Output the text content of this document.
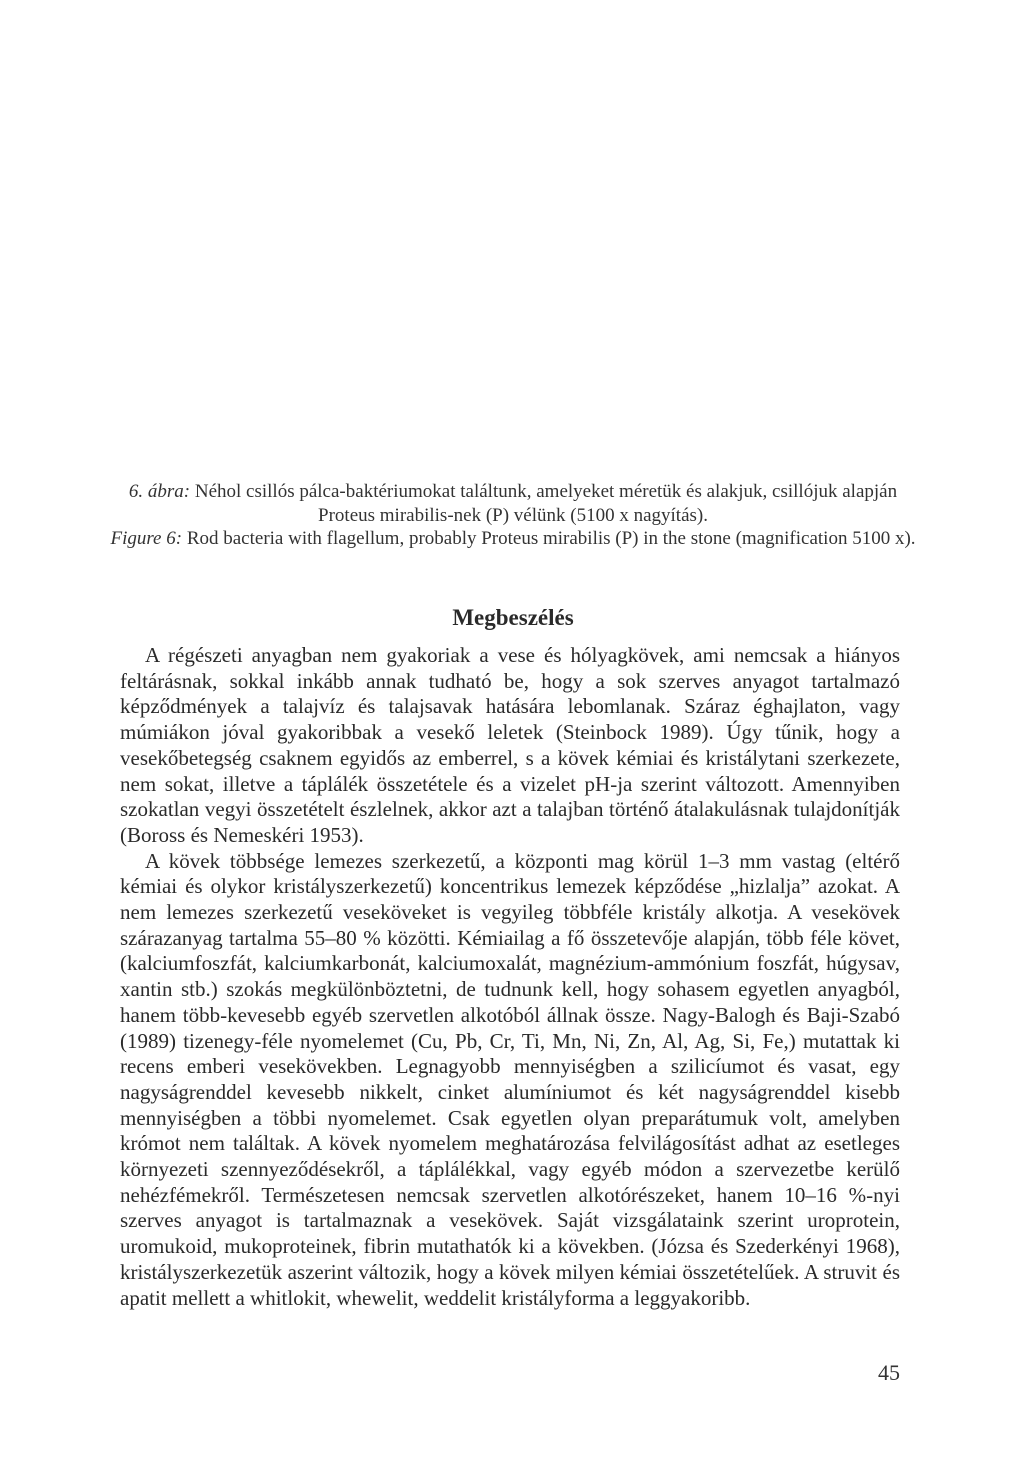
6. ábra: Néhol csillós pálca-baktériumokat találtunk, amelyeket méretük és alakjuk, csillójuk alapján Proteus mirabilis-nek (P) vélünk (5100 x nagyítás).

Figure 6: Rod bacteria with flagellum, probably Proteus mirabilis (P) in the stone (magnification 5100 x).

Megbeszélés

A régészeti anyagban nem gyakoriak a vese és hólyagkövek, ami nemcsak a hiányos feltárásnak, sokkal inkább annak tudható be, hogy a sok szerves anyagot tartalmazó képződmények a talajvíz és talajsavak hatására lebomlanak. Száraz éghajlaton, vagy múmiákon jóval gyakoribbak a vesekő leletek (Steinbock 1989). Úgy tűnik, hogy a vesekőbetegség csaknem egyidős az emberrel, s a kövek kémiai és kristálytani szerkezete, nem sokat, illetve a táplálék összetétele és a vizelet pH-ja szerint változott. Amennyiben szokatlan vegyi összetételt észlelnek, akkor azt a talajban történő átalakulásnak tulajdonítják (Boross és Nemeskéri 1953).

A kövek többsége lemezes szerkezetű, a központi mag körül 1–3 mm vastag (eltérő kémiai és olykor kristályszerkezetű) koncentrikus lemezek képződése „hizlalja” azokat. A nem lemezes szerkezetű veseköveket is vegyileg többféle kristály alkotja. A vesekövek szárazanyag tartalma 55–80 % közötti. Kémiailag a fő összetevője alapján, több féle követ, (kalciumfoszfát, kalciumkarbonát, kalciumoxalát, magnézium-ammónium foszfát, húgysav, xantin stb.) szokás megkülönböztetni, de tudnunk kell, hogy sohasem egyetlen anyagból, hanem több-kevesebb egyéb szervetlen alkotóból állnak össze. Nagy-Balogh és Baji-Szabó (1989) tizenegy-féle nyomelemet (Cu, Pb, Cr, Ti, Mn, Ni, Zn, Al, Ag, Si, Fe,) mutattak ki recens emberi vesekövekben. Legnagyobb mennyiségben a szilicíumot és vasat, egy nagyságrenddel kevesebb nikkelt, cinket alumíniumot és két nagyságrenddel kisebb mennyiségben a többi nyomelemet. Csak egyetlen olyan preparátumuk volt, amelyben krómot nem találtak. A kövek nyomelem meghatározása felvilágosítást adhat az esetleges környezeti szennyeződésekről, a táplálékkal, vagy egyéb módon a szervezetbe kerülő nehézfémekről. Természetesen nemcsak szervetlen alkotórészeket, hanem 10–16 %-nyi szerves anyagot is tartalmaznak a vesekövek. Saját vizsgálataink szerint uroprotein, uromukoid, mukoproteinek, fibrin mutathatók ki a kövekben. (Józsa és Szederkényi 1968), kristályszerkezetük aszerint változik, hogy a kövek milyen kémiai összetételűek. A struvit és apatit mellett a whitlokit, whewelit, weddelit kristályforma a leggyakoribb.

45
